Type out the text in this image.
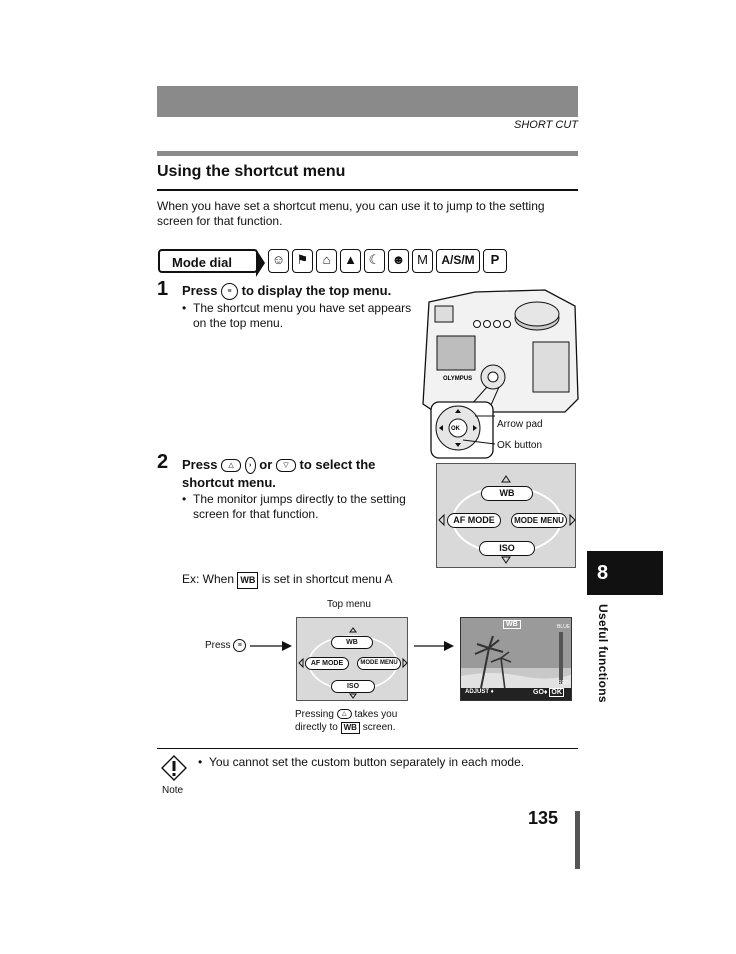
SHORT CUT
Using the shortcut menu
When you have set a shortcut menu, you can use it to jump to the setting screen for that function.
Mode dial	☺ ⚑	⌂	▲ ☾ ☻ M	A/S/M	P
1 Press ≡ to display the top menu.
• The shortcut menu you have set appears on the top menu.
OLYMPUS
OK	Arrow pad
OK button
2 Press △ › or ▽ to select the shortcut menu.
• The monitor jumps directly to the setting screen for that function.
WB
AF MODE	MODE MENU
ISO
Ex: When WB is set in shortcut menu A
Top menu
Press ≡	WB
AF MODE	MODE MENU
ISO
WB	BLUE
RED
ADJUST ♦	GO♦ OK
Pressing △ takes you directly to WB screen.
Note
• You cannot set the custom button separately in each mode.
8
Useful functions
135
